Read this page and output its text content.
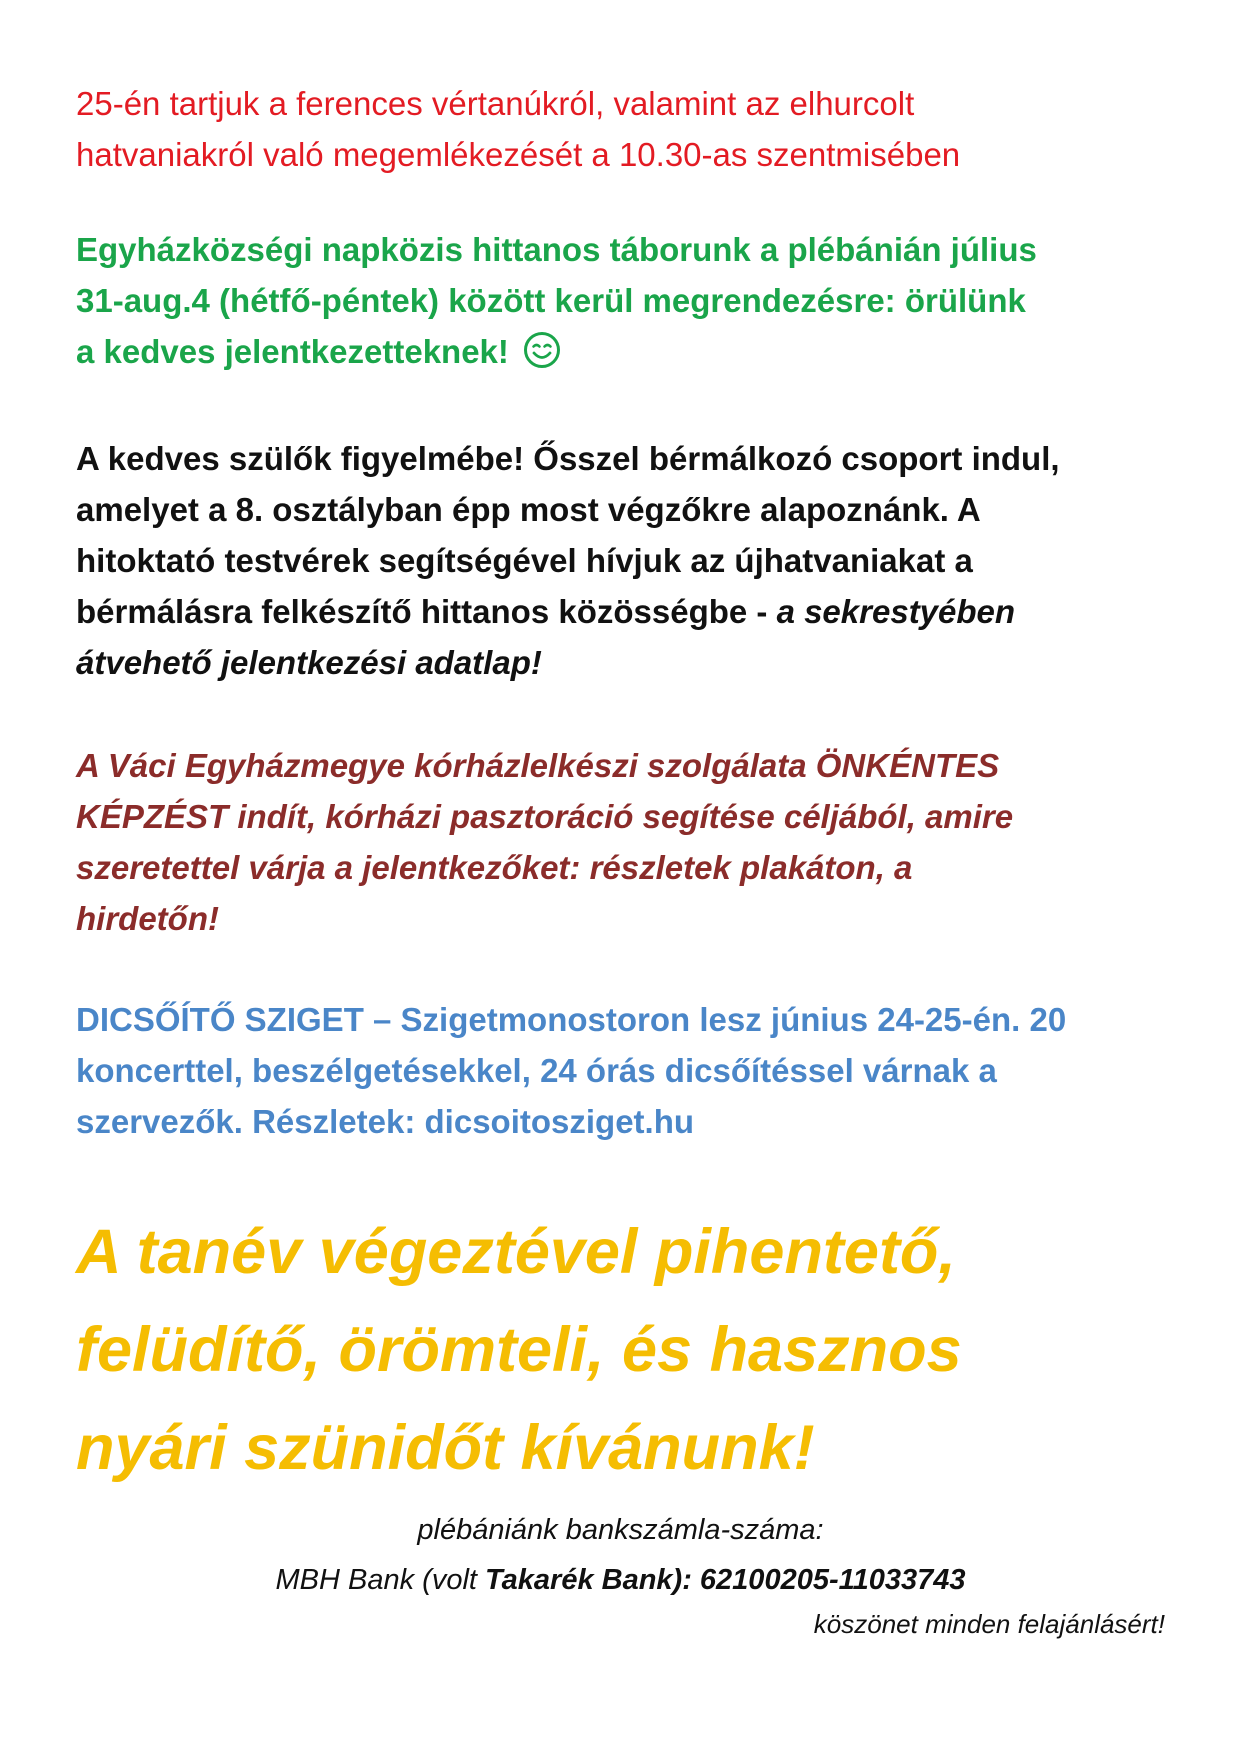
25-én tartjuk a ferences vértanúkról, valamint az elhurcolt
hatvaniakról való megemlékezését a 10.30-as szentmisében

Egyházközségi napközis hittanos táborunk a plébánián július
31-aug.4 (hétfő-péntek) között kerül megrendezésre: örülünk
a kedves jelentkezetteknek!

A kedves szülők figyelmébe! Ősszel bérmálkozó csoport indul,
amelyet a 8. osztályban épp most végzőkre alapoznánk. A
hitoktató testvérek segítségével hívjuk az újhatvaniakat a
bérmálásra felkészítő hittanos közösségbe - a sekrestyében
átvehető jelentkezési adatlap!

A Váci Egyházmegye kórházlelkészi szolgálata ÖNKÉNTES
KÉPZÉST indít, kórházi pasztoráció segítése céljából, amire
szeretettel várja a jelentkezőket: részletek plakáton, a
hirdetőn!

DICSŐÍTŐ SZIGET – Szigetmonostoron lesz június 24-25-én. 20
koncerttel, beszélgetésekkel, 24 órás dicsőítéssel várnak a
szervezők. Részletek: dicsoitosziget.hu

A tanév végeztével pihentető,
felüdítő, örömteli, és hasznos
nyári szünidőt kívánunk!

plébániánk bankszámla-száma:
MBH Bank (volt Takarék Bank): 62100205-11033743
köszönet minden felajánlásért!
